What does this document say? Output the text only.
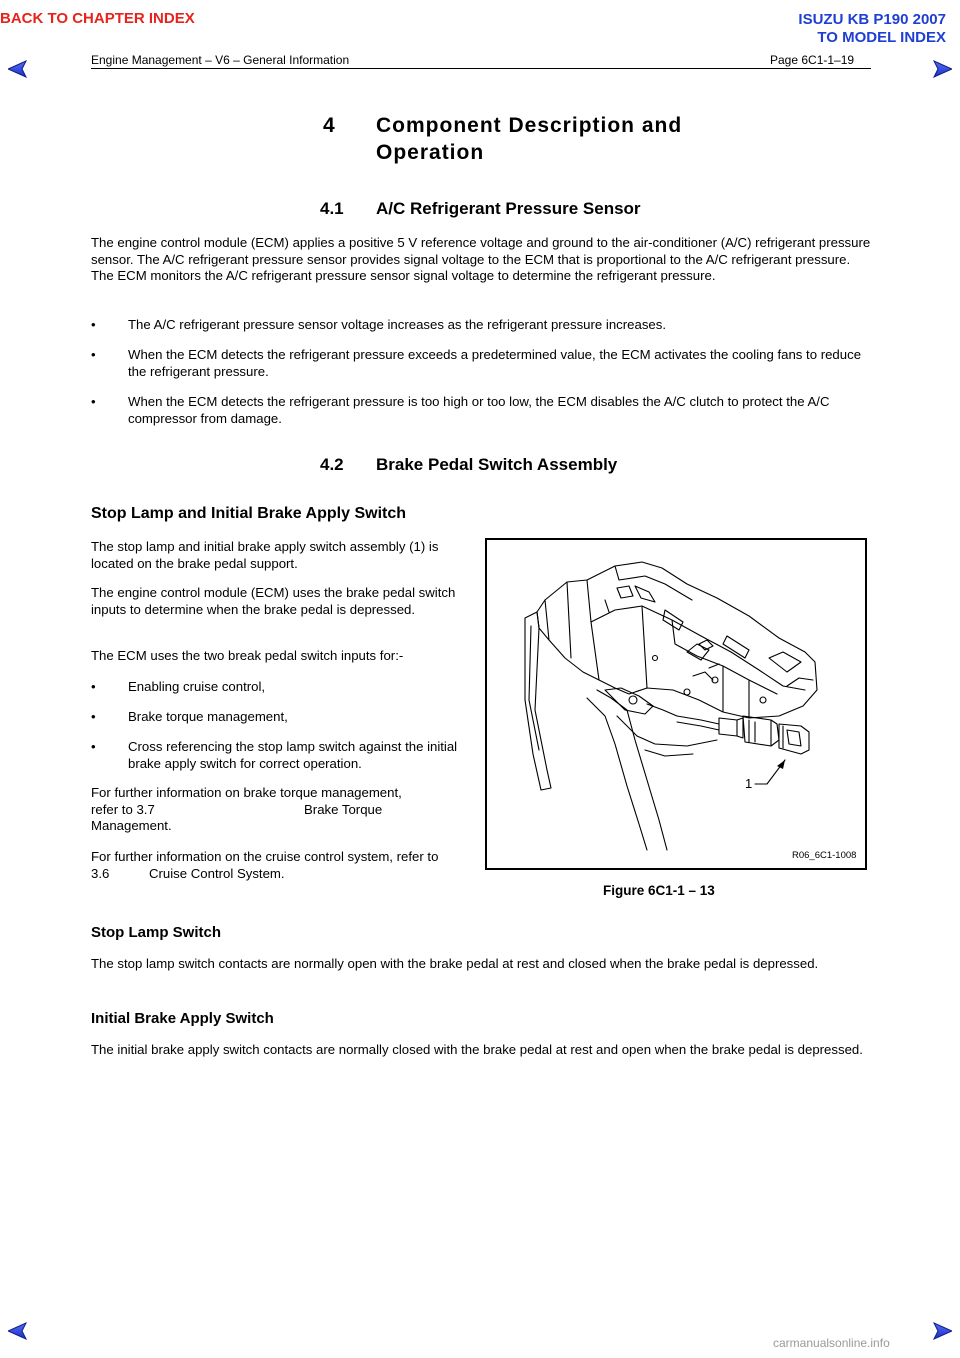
BACK TO CHAPTER INDEX	ISUZU KB P190 2007
TO MODEL INDEX
Engine Management – V6 – General Information	Page 6C1-1–19
4 Component Description and
Operation
4.1 A/C Refrigerant Pressure Sensor
The engine control module (ECM) applies a positive 5 V reference voltage and ground to the air-conditioner (A/C) refrigerant pressure sensor. The A/C refrigerant pressure sensor provides signal voltage to the ECM that is proportional to the A/C refrigerant pressure. The ECM monitors the A/C refrigerant pressure sensor signal voltage to determine the refrigerant pressure.
• The A/C refrigerant pressure sensor voltage increases as the refrigerant pressure increases.
• When the ECM detects the refrigerant pressure exceeds a predetermined value, the ECM activates the cooling fans to reduce the refrigerant pressure.
• When the ECM detects the refrigerant pressure is too high or too low, the ECM disables the A/C clutch to protect the A/C compressor from damage.
4.2 Brake Pedal Switch Assembly
Stop Lamp and Initial Brake Apply Switch
The stop lamp and initial brake apply switch assembly (1) is located on the brake pedal support.
The engine control module (ECM) uses the brake pedal switch inputs to determine when the brake pedal is depressed.
The ECM uses the two break pedal switch inputs for:-
• Enabling cruise control,
• Brake torque management,
• Cross referencing the stop lamp switch against the initial brake apply switch for correct operation.
For further information on brake torque management,
refer to 3.7	Brake Torque
Management.
For further information on the cruise control system, refer to
3.6	Cruise Control System.
1
R06_6C1-1008
Figure 6C1-1 – 13
Stop Lamp Switch
The stop lamp switch contacts are normally open with the brake pedal at rest and closed when the brake pedal is depressed.
Initial Brake Apply Switch
The initial brake apply switch contacts are normally closed with the brake pedal at rest and open when the brake pedal is depressed.
carmanualsonline.info
